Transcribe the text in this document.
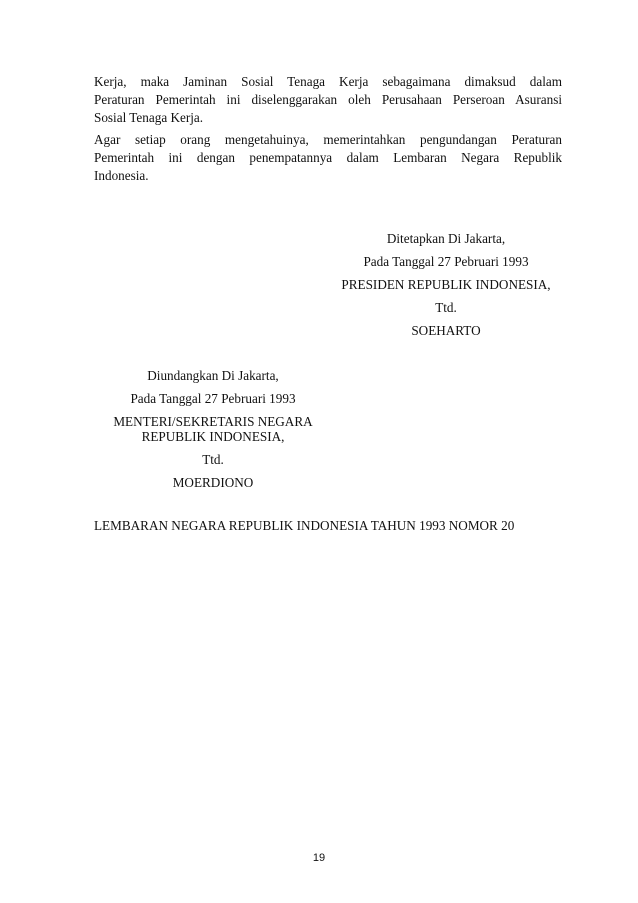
Kerja, maka Jaminan Sosial Tenaga Kerja sebagaimana dimaksud dalam
Peraturan Pemerintah ini diselenggarakan oleh Perusahaan Perseroan Asuransi
Sosial Tenaga Kerja.
Agar setiap orang mengetahuinya, memerintahkan pengundangan Peraturan
Pemerintah ini dengan penempatannya dalam Lembaran Negara Republik
Indonesia.
Ditetapkan Di Jakarta,
Pada Tanggal 27 Pebruari 1993
PRESIDEN REPUBLIK INDONESIA,
Ttd.
SOEHARTO
Diundangkan Di Jakarta,
Pada Tanggal 27 Pebruari 1993
MENTERI/SEKRETARIS NEGARA
REPUBLIK INDONESIA,
Ttd.
MOERDIONO
LEMBARAN NEGARA REPUBLIK INDONESIA TAHUN 1993 NOMOR 20
19
